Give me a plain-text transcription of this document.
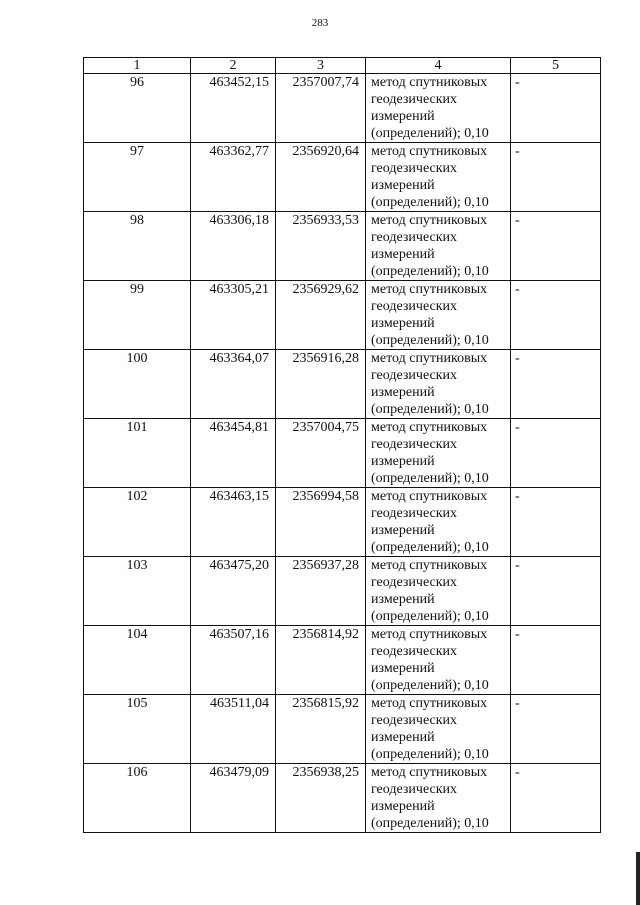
283
1	2	3	4	5
96	463452,15	2357007,74	метод спутниковых
геодезических
измерений
(определений); 0,10	-
97	463362,77	2356920,64	метод спутниковых
геодезических
измерений
(определений); 0,10	-
98	463306,18	2356933,53	метод спутниковых
геодезических
измерений
(определений); 0,10	-
99	463305,21	2356929,62	метод спутниковых
геодезических
измерений
(определений); 0,10	-
100	463364,07	2356916,28	метод спутниковых
геодезических
измерений
(определений); 0,10	-
101	463454,81	2357004,75	метод спутниковых
геодезических
измерений
(определений); 0,10	-
102	463463,15	2356994,58	метод спутниковых
геодезических
измерений
(определений); 0,10	-
103	463475,20	2356937,28	метод спутниковых
геодезических
измерений
(определений); 0,10	-
104	463507,16	2356814,92	метод спутниковых
геодезических
измерений
(определений); 0,10	-
105	463511,04	2356815,92	метод спутниковых
геодезических
измерений
(определений); 0,10	-
106	463479,09	2356938,25	метод спутниковых
геодезических
измерений
(определений); 0,10	-
